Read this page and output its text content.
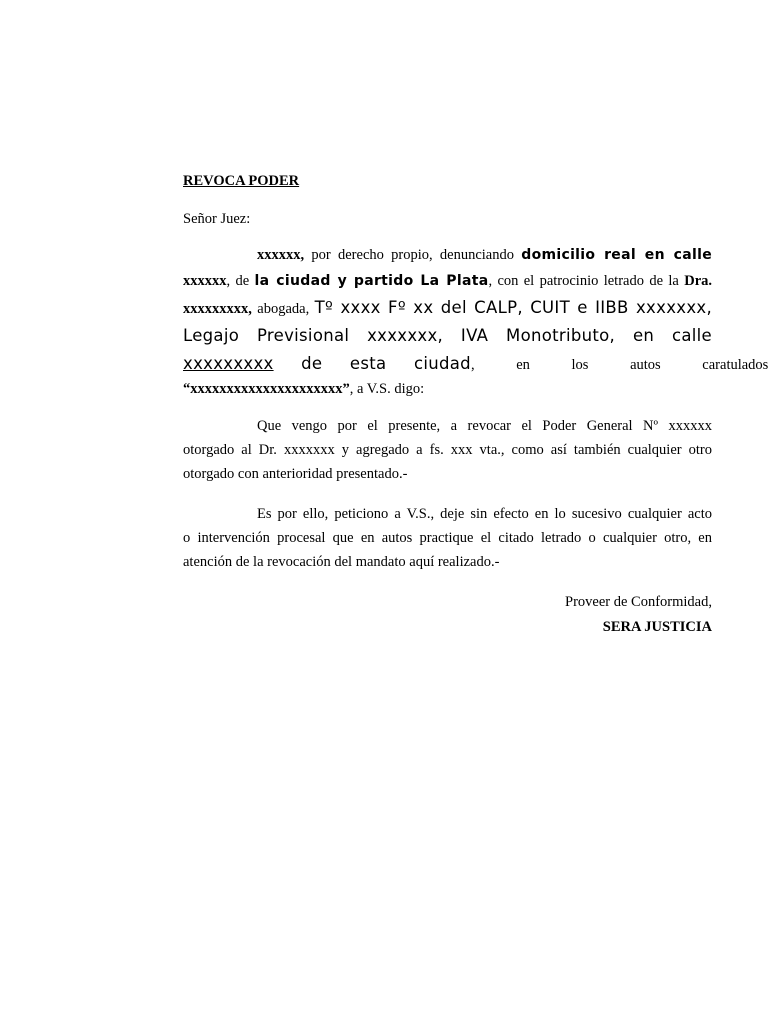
REVOCA PODER

Señor Juez:

xxxxxx, por derecho propio, denunciando domicilio real en calle
xxxxxx, de la ciudad y partido La Plata, con el patrocinio letrado de la Dra.
xxxxxxxxx, abogada, Tº xxxx Fº xx del CALP, CUIT e IIBB xxxxxxx,
Legajo Previsional xxxxxxx, IVA Monotributo, en calle
xxxxxxxxx de esta ciudad, en los autos caratulados
“xxxxxxxxxxxxxxxxxxxxx”, a V.S. digo:
Que vengo por el presente, a revocar el Poder General Nº xxxxxx
otorgado al Dr. xxxxxxx y agregado a fs. xxx vta., como así también cualquier otro
otorgado con anterioridad presentado.-
Es por ello, peticiono a V.S., deje sin efecto en lo sucesivo cualquier acto
o intervención procesal que en autos practique el citado letrado o cualquier otro, en
atención de la revocación del mandato aquí realizado.-

Proveer de Conformidad,

SERA JUSTICIA
